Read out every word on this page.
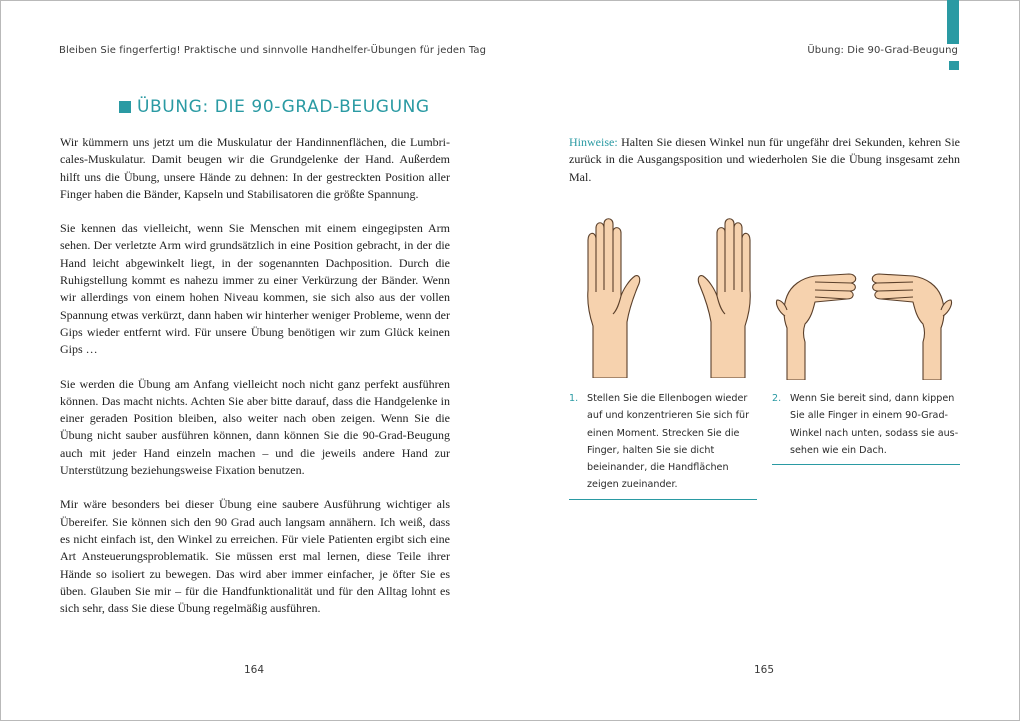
Bleiben Sie fingerfertig! Praktische und sinnvolle Handhelfer-Übungen für jeden Tag	Übung: Die 90-Grad-Beugung
ÜBUNG: DIE 90-GRAD-BEUGUNG

Wir kümmern uns jetzt um die Muskulatur der Handinnenflächen, die Lumbricales-Muskulatur. Damit beugen wir die Grundgelenke der Hand. Außerdem hilft uns die Übung, unsere Hände zu dehnen: In der gestreckten Position aller Finger haben die Bänder, Kapseln und Stabilisatoren die größte Spannung.

Sie kennen das vielleicht, wenn Sie Menschen mit einem eingegipsten Arm sehen. Der verletzte Arm wird grundsätzlich in eine Position gebracht, in der die Hand leicht abgewinkelt liegt, in der sogenannten Dachposition. Durch die Ruhigstellung kommt es nahezu immer zu einer Verkürzung der Bänder. Wenn wir allerdings von einem hohen Niveau kommen, sie sich also aus der vollen Spannung etwas verkürzt, dann haben wir hinterher weniger Probleme, wenn der Gips wieder entfernt wird. Für unsere Übung benötigen wir zum Glück keinen Gips …

Sie werden die Übung am Anfang vielleicht noch nicht ganz perfekt ausführen können. Das macht nichts. Achten Sie aber bitte darauf, dass die Handgelenke in einer geraden Position bleiben, also weiter nach oben zeigen. Wenn Sie die Übung nicht sauber ausführen können, dann können Sie die 90-Grad-Beugung auch mit jeder Hand einzeln machen – und die jeweils andere Hand zur Unterstützung beziehungsweise Fixation benutzen.

Mir wäre besonders bei dieser Übung eine saubere Ausführung wichtiger als Übereifer. Sie können sich den 90 Grad auch langsam annähern. Ich weiß, dass es nicht einfach ist, den Winkel zu erreichen. Für viele Patienten ergibt sich eine Art Ansteuerungsproblematik. Sie müssen erst mal lernen, diese Teile ihrer Hände so isoliert zu bewegen. Das wird aber immer einfacher, je öfter Sie es üben. Glauben Sie mir – für die Handfunktionalität und für den Alltag lohnt es sich sehr, dass Sie diese Übung regelmäßig ausführen.

Hinweise: Halten Sie diesen Winkel nun für ungefähr drei Sekunden, kehren Sie zurück in die Ausgangsposition und wiederholen Sie die Übung insgesamt zehn Mal.
1. Stellen Sie die Ellenbogen wieder auf und konzentrieren Sie sich für einen Moment. Strecken Sie die Finger, halten Sie sie dicht beieinander, die Handflächen zeigen zueinander.
2. Wenn Sie bereit sind, dann kippen Sie alle Finger in einem 90-Grad-Winkel nach unten, sodass sie aussehen wie ein Dach.
164	165
